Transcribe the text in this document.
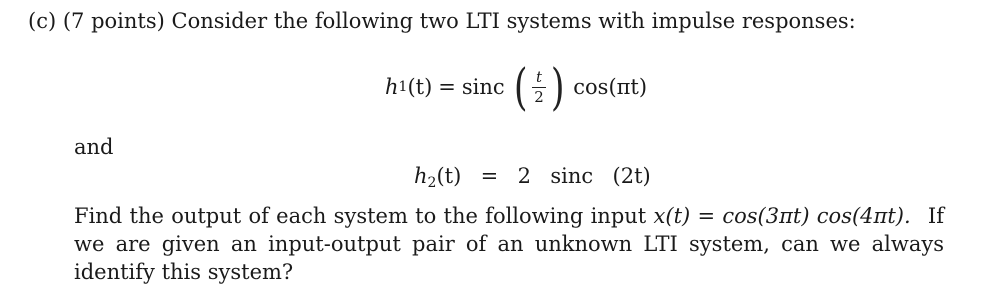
(c) (7 points) Consider the following two LTI systems with impulse responses:
h 1 (t) = sinc ( $\frac{t}{2}$ ) cos (πt)
and
$h_2(t) = 2$ sinc (2t)
Find the output of each system to the following input x(t) = cos(3πt) cos(4πt). If we are given an input-output pair of an unknown LTI system, can we always identify this system?
